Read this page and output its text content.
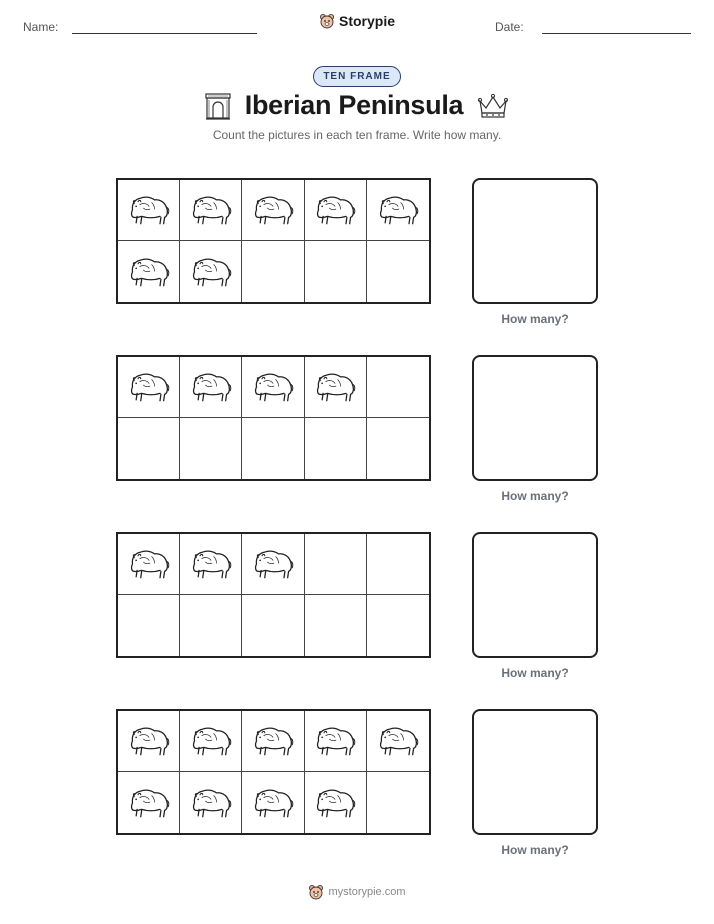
Name:	Date:
Storypie
TEN FRAME
Iberian Peninsula
Count the pictures in each ten frame. Write how many.
How many?
How many?
How many?
How many?
mystorypie.com
